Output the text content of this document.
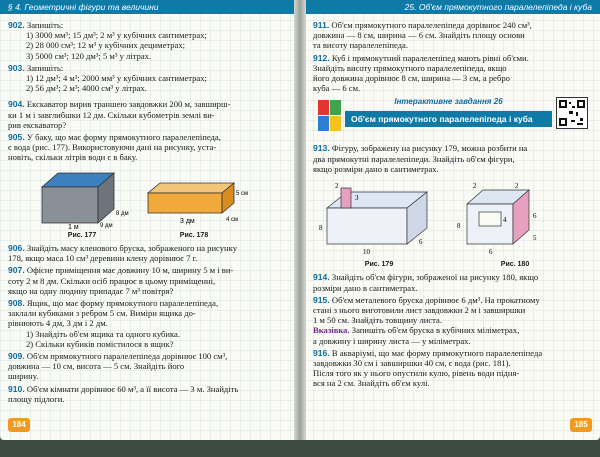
§ 4. Геометричні фігури та величини
902. Запишіть:
1) 3000 мм³; 15 дм³; 2 м³ у кубічних сантиметрах;
2) 28 000 см³; 12 м³ у кубічних дециметрах;
3) 5000 см³; 120 дм³; 5 м³ у літрах.
903. Запишіть:
1) 12 дм³; 4 м³; 2000 мм³ у кубічних сантиметрах;
2) 56 дм³; 2 м³; 4000 см³ у літрах.
904. Екскаватор вирив траншею завдовжки 200 м, завширш-
ки 1 м і завглибшки 12 дм. Скільки кубометрів землі ви-
рив екскаватор?
905. У баку, що має форму прямокутного паралелепіпеда,
є вода (рис. 177). Використовуючи дані на рисунку, уста-
новіть, скільки літрів води є в баку.
1 м
8 дм
9 дм
Рис. 177
3 дм
5 см
4 см
Рис. 178
906. Знайдіть масу кленового бруска, зображеного на рисунку
178, якщо маса 10 см³ деревини клену дорівнює 7 г.
907. Офісне приміщення має довжину 10 м, ширину 5 м і ви-
соту 2 м 8 дм. Скільки осіб працює в цьому приміщенні,
якщо на одну людину припадає 7 м³ повітря?
908. Ящик, що має форму прямокутного паралелепіпеда,
заклали кубиками з ребром 5 см. Виміри ящика до-
рівнюють 4 дм, 3 дм і 2 дм.
1) Знайдіть об'єм ящика та одного кубика.
2) Скільки кубиків помістилося в ящик?
909. Об'єм прямокутного паралелепіпеда дорівнює 100 см³,
довжина — 10 см, висота — 5 см. Знайдіть його
ширину.
910. Об'єм кімнати дорівнює 60 м³, а її висота — 3 м. Знайдіть
площу підлоги.
184
25. Об'єм прямокутного паралелепіпеда і куба
911. Об'єм прямокутного паралелепіпеда дорівнює 240 см³,
довжина — 8 см, ширина — 6 см. Знайдіть площу основи
та висоту паралелепіпеда.
912. Куб і прямокутний паралелепіпед мають рівні об'єми.
Знайдіть висоту прямокутного паралелепіпеда, якщо
його довжина дорівнює 8 см, ширина — 3 см, а ребро
куба — 6 см.
Інтерактивне завдання 26
Об'єм прямокутного паралелепіпеда і куба
913. Фігуру, зображену на рисунку 179, можна розбити на
два прямокутні паралелепіпеди. Знайдіть об'єм фігури,
якщо розміри дано в сантиметрах.
2
3
8
10
6
Рис. 179
2	2
8
4	6
6
5
Рис. 180
914. Знайдіть об'єм фігури, зображеної на рисунку 180, якщо
розміри дано в сантиметрах.
915. Об'єм металевого бруска дорівнює 6 дм³. На прокатному
стані з нього виготовили лист завдовжки 2 м і завширшки
1 м 50 см. Знайдіть товщину листа.
Вказівка. Запишіть об'єм бруска в кубічних міліметрах,
а довжину і ширину листа — у міліметрах.
916. В акваріумі, що має форму прямокутного паралелепіпеда
завдовжки 30 см і завширшки 40 см, є вода (рис. 181).
Після того як у нього опустили кулю, рівень води підня-
вся на 2 см. Знайдіть об'єм кулі.
185
